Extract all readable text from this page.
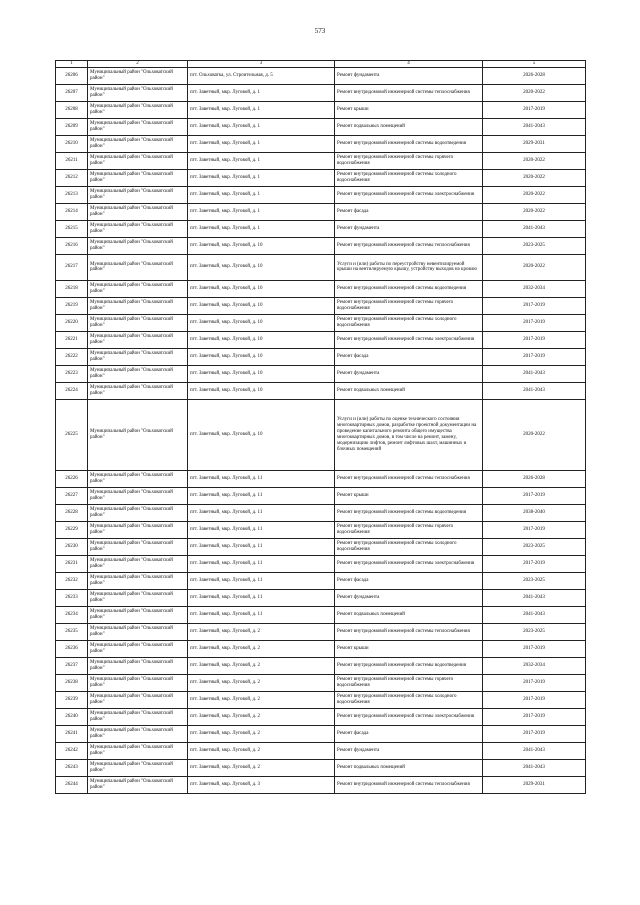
573
1	2	3	4	5
26206	Муниципальный район "Ольховатский район"	пгт. Ольховатка, ул. Строительная, д. 5	Ремонт фундамента	2026-2028
26207	Муниципальный район "Ольховатский район"	пгт. Заветный, мкр. Луговой, д. 1	Ремонт внутридомовой инженерной системы теплоснабжения	2020-2022
26208	Муниципальный район "Ольховатский район"	пгт. Заветный, мкр. Луговой, д. 1	Ремонт крыши	2017-2019
26209	Муниципальный район "Ольховатский район"	пгт. Заветный, мкр. Луговой, д. 1	Ремонт подвальных помещений	2041-2043
26210	Муниципальный район "Ольховатский район"	пгт. Заветный, мкр. Луговой, д. 1	Ремонт внутридомовой инженерной системы водоотведения	2029-2031
26211	Муниципальный район "Ольховатский район"	пгт. Заветный, мкр. Луговой, д. 1	Ремонт внутридомовой инженерной системы горячего водоснабжения	2020-2022
26212	Муниципальный район "Ольховатский район"	пгт. Заветный, мкр. Луговой, д. 1	Ремонт внутридомовой инженерной системы холодного водоснабжения	2020-2022
26213	Муниципальный район "Ольховатский район"	пгт. Заветный, мкр. Луговой, д. 1	Ремонт внутридомовой инженерной системы электроснабжения	2020-2022
26214	Муниципальный район "Ольховатский район"	пгт. Заветный, мкр. Луговой, д. 1	Ремонт фасада	2020-2022
26215	Муниципальный район "Ольховатский район"	пгт. Заветный, мкр. Луговой, д. 1	Ремонт фундамента	2041-2043
26216	Муниципальный район "Ольховатский район"	пгт. Заветный, мкр. Луговой, д. 10	Ремонт внутридомовой инженерной системы теплоснабжения	2023-2025
26217	Муниципальный район "Ольховатский район"	пгт. Заветный, мкр. Луговой, д. 10	Услуги и (или) работы по переустройству невентилируемой крыши на вентилируемую крышу, устройству выходов на кровлю	2020-2022
26218	Муниципальный район "Ольховатский район"	пгт. Заветный, мкр. Луговой, д. 10	Ремонт внутридомовой инженерной системы водоотведения	2032-2034
26219	Муниципальный район "Ольховатский район"	пгт. Заветный, мкр. Луговой, д. 10	Ремонт внутридомовой инженерной системы горячего водоснабжения	2017-2019
26220	Муниципальный район "Ольховатский район"	пгт. Заветный, мкр. Луговой, д. 10	Ремонт внутридомовой инженерной системы холодного водоснабжения	2017-2019
26221	Муниципальный район "Ольховатский район"	пгт. Заветный, мкр. Луговой, д. 10	Ремонт внутридомовой инженерной системы электроснабжения	2017-2019
26222	Муниципальный район "Ольховатский район"	пгт. Заветный, мкр. Луговой, д. 10	Ремонт фасада	2017-2019
26223	Муниципальный район "Ольховатский район"	пгт. Заветный, мкр. Луговой, д. 10	Ремонт фундамента	2041-2043
26224	Муниципальный район "Ольховатский район"	пгт. Заветный, мкр. Луговой, д. 10	Ремонт подвальных помещений	2041-2043
26225	Муниципальный район "Ольховатский район"	пгт. Заветный, мкр. Луговой, д. 10	Услуги и (или) работы по оценке технического состояния многоквартирных домов, разработке проектной документации на проведение капитального ремонта общего имущества многоквартирных домов, в том числе на ремонт, замену, модернизацию лифтов, ремонт лифтовых шахт, машинных и блочных помещений	2020-2022
26226	Муниципальный район "Ольховатский район"	пгт. Заветный, мкр. Луговой, д. 11	Ремонт внутридомовой инженерной системы теплоснабжения	2026-2028
26227	Муниципальный район "Ольховатский район"	пгт. Заветный, мкр. Луговой, д. 11	Ремонт крыши	2017-2019
26228	Муниципальный район "Ольховатский район"	пгт. Заветный, мкр. Луговой, д. 11	Ремонт внутридомовой инженерной системы водоотведения	2038-2040
26229	Муниципальный район "Ольховатский район"	пгт. Заветный, мкр. Луговой, д. 11	Ремонт внутридомовой инженерной системы горячего водоснабжения	2017-2019
26230	Муниципальный район "Ольховатский район"	пгт. Заветный, мкр. Луговой, д. 11	Ремонт внутридомовой инженерной системы холодного водоснабжения	2023-2025
26231	Муниципальный район "Ольховатский район"	пгт. Заветный, мкр. Луговой, д. 11	Ремонт внутридомовой инженерной системы электроснабжения	2017-2019
26232	Муниципальный район "Ольховатский район"	пгт. Заветный, мкр. Луговой, д. 11	Ремонт фасада	2023-2025
26233	Муниципальный район "Ольховатский район"	пгт. Заветный, мкр. Луговой, д. 11	Ремонт фундамента	2041-2043
26234	Муниципальный район "Ольховатский район"	пгт. Заветный, мкр. Луговой, д. 11	Ремонт подвальных помещений	2041-2043
26235	Муниципальный район "Ольховатский район"	пгт. Заветный, мкр. Луговой, д. 2	Ремонт внутридомовой инженерной системы теплоснабжения	2023-2025
26236	Муниципальный район "Ольховатский район"	пгт. Заветный, мкр. Луговой, д. 2	Ремонт крыши	2017-2019
26237	Муниципальный район "Ольховатский район"	пгт. Заветный, мкр. Луговой, д. 2	Ремонт внутридомовой инженерной системы водоотведения	2032-2034
26238	Муниципальный район "Ольховатский район"	пгт. Заветный, мкр. Луговой, д. 2	Ремонт внутридомовой инженерной системы горячего водоснабжения	2017-2019
26239	Муниципальный район "Ольховатский район"	пгт. Заветный, мкр. Луговой, д. 2	Ремонт внутридомовой инженерной системы холодного водоснабжения	2017-2019
26240	Муниципальный район "Ольховатский район"	пгт. Заветный, мкр. Луговой, д. 2	Ремонт внутридомовой инженерной системы электроснабжения	2017-2019
26241	Муниципальный район "Ольховатский район"	пгт. Заветный, мкр. Луговой, д. 2	Ремонт фасада	2017-2019
26242	Муниципальный район "Ольховатский район"	пгт. Заветный, мкр. Луговой, д. 2	Ремонт фундамента	2041-2043
26243	Муниципальный район "Ольховатский район"	пгт. Заветный, мкр. Луговой, д. 2	Ремонт подвальных помещений	2041-2043
26244	Муниципальный район "Ольховатский район"	пгт. Заветный, мкр. Луговой, д. 3	Ремонт внутридомовой инженерной системы теплоснабжения	2029-2031
